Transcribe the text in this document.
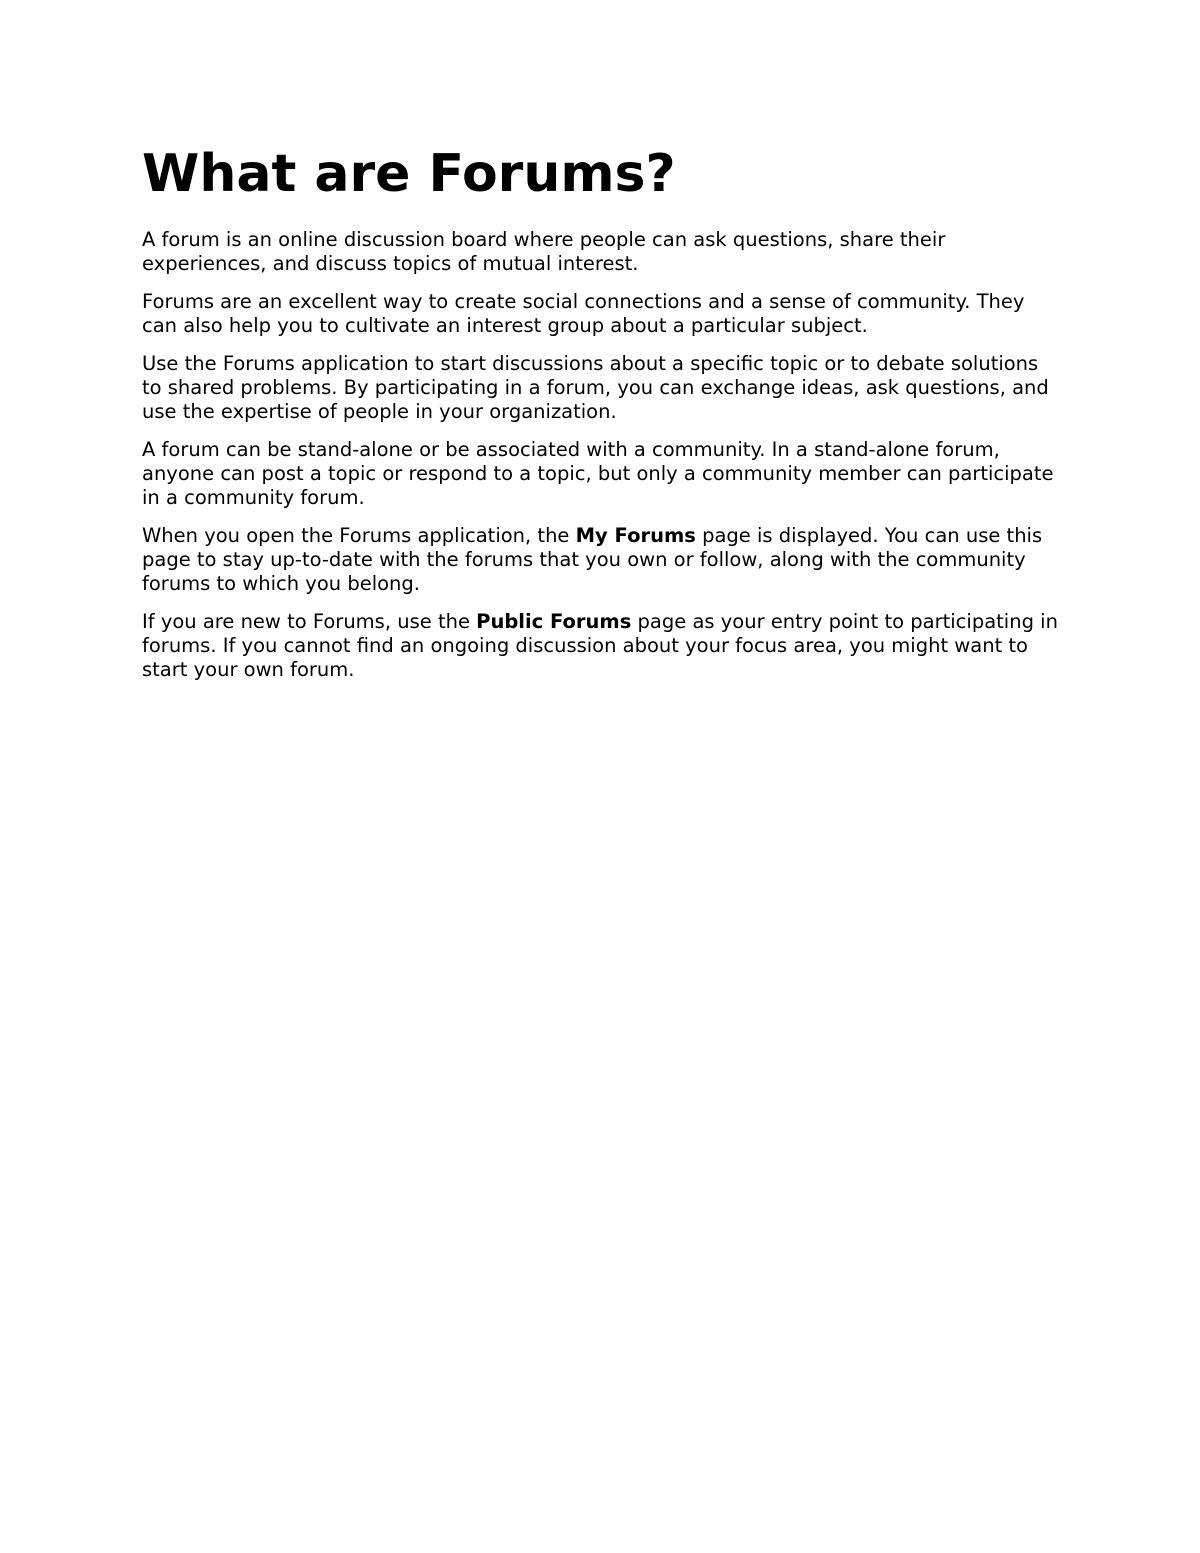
What are Forums?

A forum is an online discussion board where people can ask questions, share their experiences, and discuss topics of mutual interest.

Forums are an excellent way to create social connections and a sense of community. They can also help you to cultivate an interest group about a particular subject.

Use the Forums application to start discussions about a specific topic or to debate solutions to shared problems. By participating in a forum, you can exchange ideas, ask questions, and use the expertise of people in your organization.

A forum can be stand-alone or be associated with a community. In a stand-alone forum, anyone can post a topic or respond to a topic, but only a community member can participate in a community forum.

When you open the Forums application, the My Forums page is displayed. You can use this page to stay up-to-date with the forums that you own or follow, along with the community forums to which you belong.

If you are new to Forums, use the Public Forums page as your entry point to participating in forums. If you cannot find an ongoing discussion about your focus area, you might want to start your own forum.
